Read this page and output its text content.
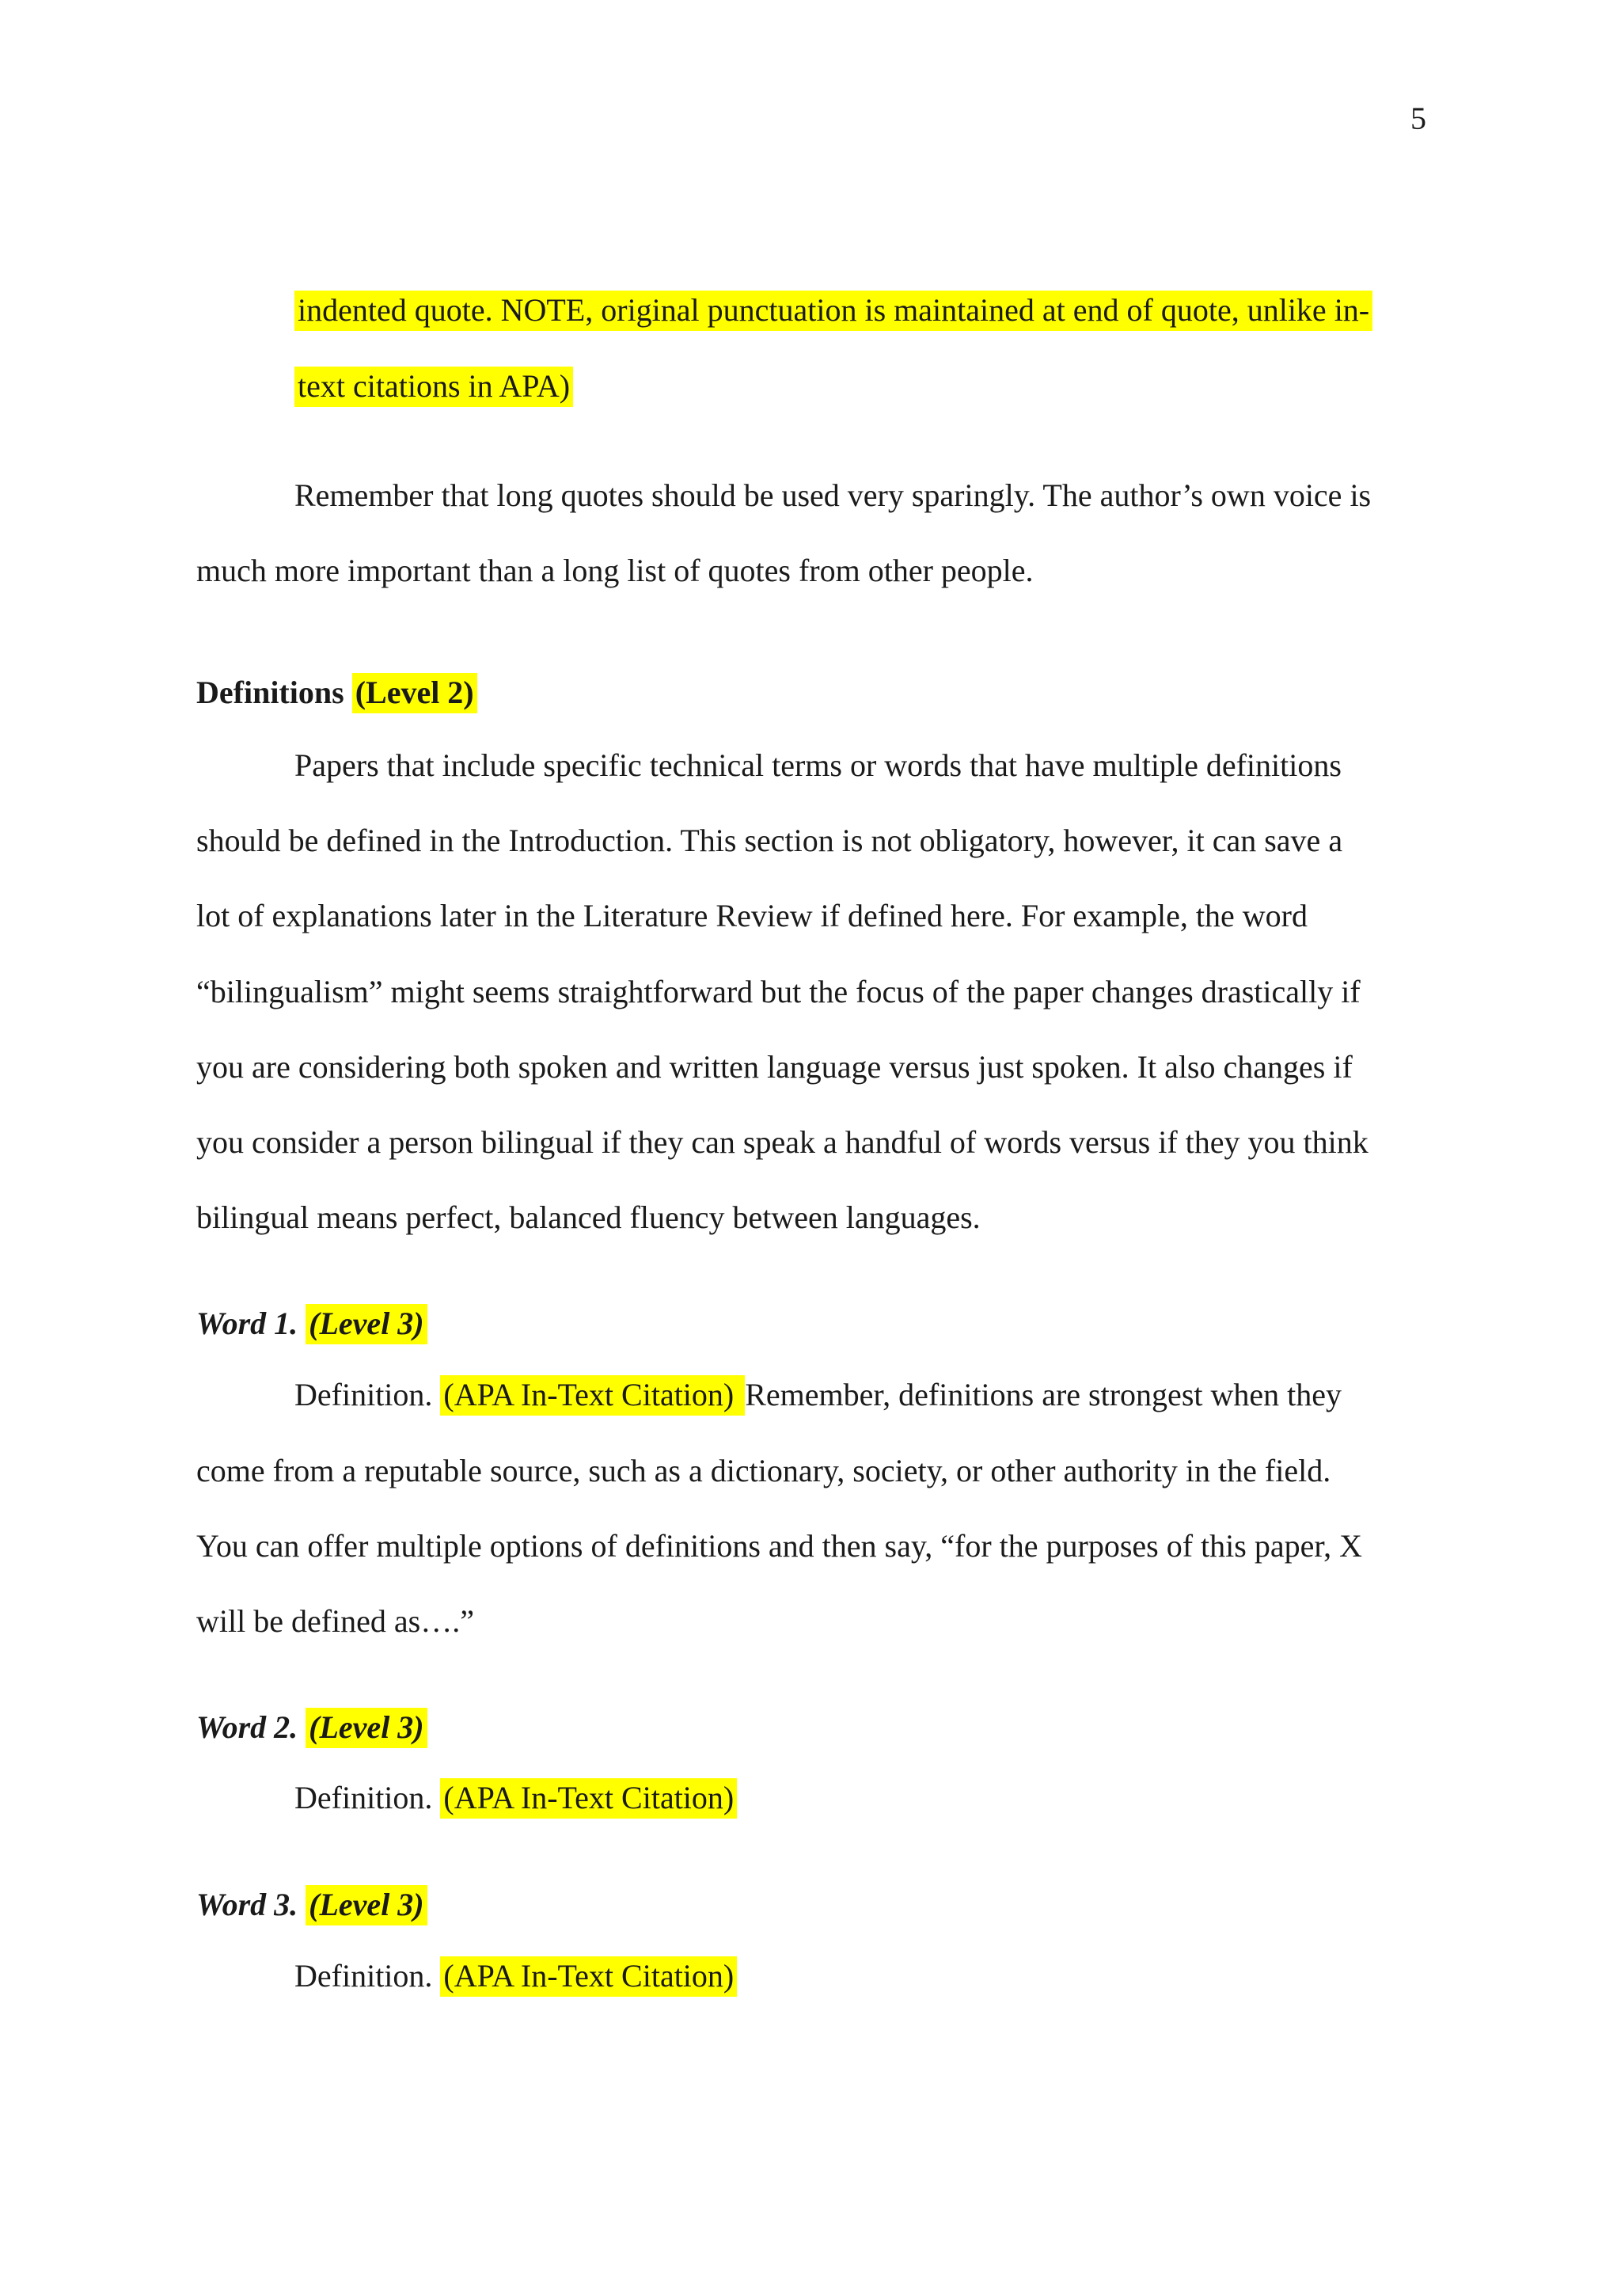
5
indented quote. NOTE, original punctuation is maintained at end of quote, unlike in-
text citations in APA)
Remember that long quotes should be used very sparingly. The author’s own voice is
much more important than a long list of quotes from other people.
Definitions (Level 2)
Papers that include specific technical terms or words that have multiple definitions
should be defined in the Introduction. This section is not obligatory, however, it can save a
lot of explanations later in the Literature Review if defined here. For example, the word
“bilingualism” might seems straightforward but the focus of the paper changes drastically if
you are considering both spoken and written language versus just spoken. It also changes if
you consider a person bilingual if they can speak a handful of words versus if they you think
bilingual means perfect, balanced fluency between languages.
Word 1. (Level 3)
Definition. (APA In-Text Citation) Remember, definitions are strongest when they
come from a reputable source, such as a dictionary, society, or other authority in the field.
You can offer multiple options of definitions and then say, “for the purposes of this paper, X
will be defined as….”
Word 2. (Level 3)
Definition. (APA In-Text Citation)
Word 3. (Level 3)
Definition. (APA In-Text Citation)
